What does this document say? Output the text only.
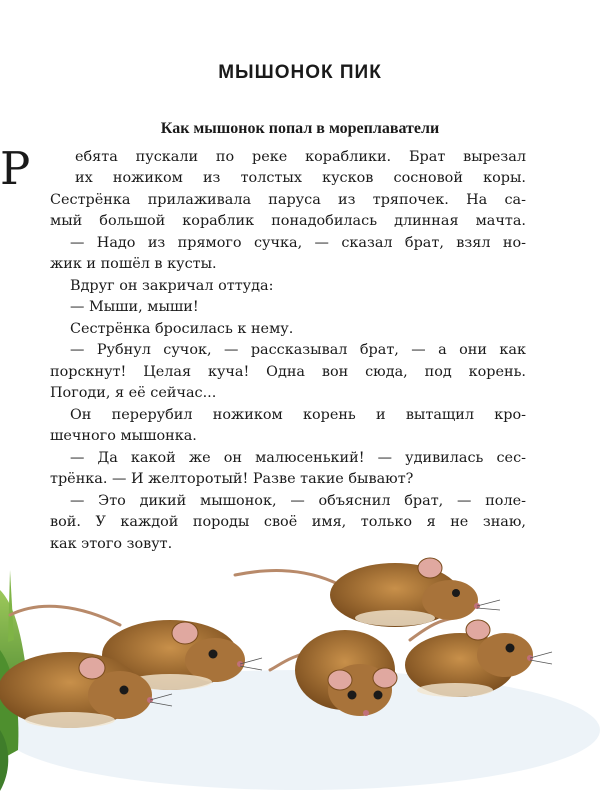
МЫШОНОК ПИК
Как мышонок попал в мореплаватели
Р	ебята пускали по реке кораблики. Брат вырезал
их ножиком из толстых кусков сосновой коры.
Сестрёнка прилаживала паруса из тряпочек. На са-
мый большой кораблик понадобилась длинная мачта.
— Надо из прямого сучка, — сказал брат, взял но-
жик и пошёл в кусты.
Вдруг он закричал оттуда:
— Мыши, мыши!
Сестрёнка бросилась к нему.
— Рубнул сучок, — рассказывал брат, — а они как
порскнут! Целая куча! Одна вон сюда, под корень.
Погоди, я её сейчас...
Он перерубил ножиком корень и вытащил кро-
шечного мышонка.
— Да какой же он малюсенький! — удивилась сес-
трёнка. — И желторотый! Разве такие бывают?
— Это дикий мышонок, — объяснил брат, — поле-
вой. У каждой породы своё имя, только я не знаю,
как этого зовут.
